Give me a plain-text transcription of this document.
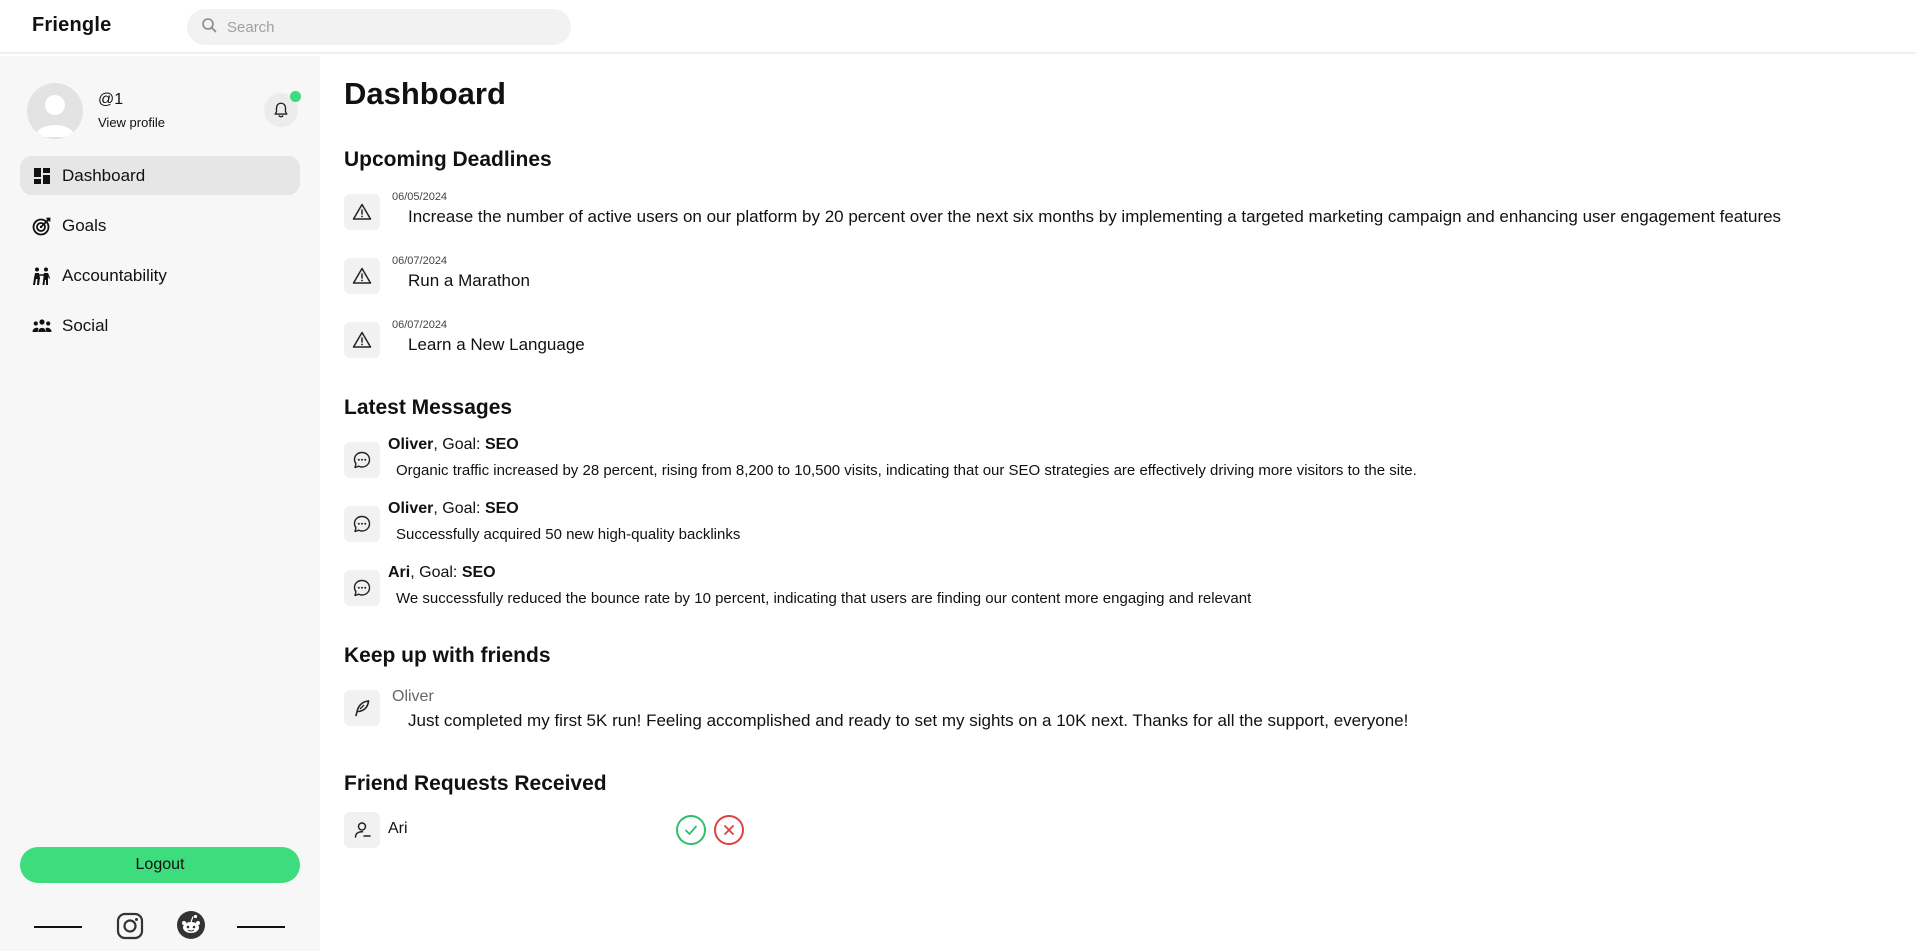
Friengle
Search
@1
View profile
Dashboard
Goals
Accountability
Social
Logout
Dashboard
Upcoming Deadlines
06/05/2024
Increase the number of active users on our platform by 20 percent over the next six months by implementing a targeted marketing campaign and enhancing user engagement features
06/07/2024
Run a Marathon
06/07/2024
Learn a New Language
Latest Messages
Oliver, Goal: SEO
Organic traffic increased by 28 percent, rising from 8,200 to 10,500 visits, indicating that our SEO strategies are effectively driving more visitors to the site.
Oliver, Goal: SEO
Successfully acquired 50 new high-quality backlinks
Ari, Goal: SEO
We successfully reduced the bounce rate by 10 percent, indicating that users are finding our content more engaging and relevant
Keep up with friends
Oliver
Just completed my first 5K run! Feeling accomplished and ready to set my sights on a 10K next. Thanks for all the support, everyone!
Friend Requests Received
Ari
